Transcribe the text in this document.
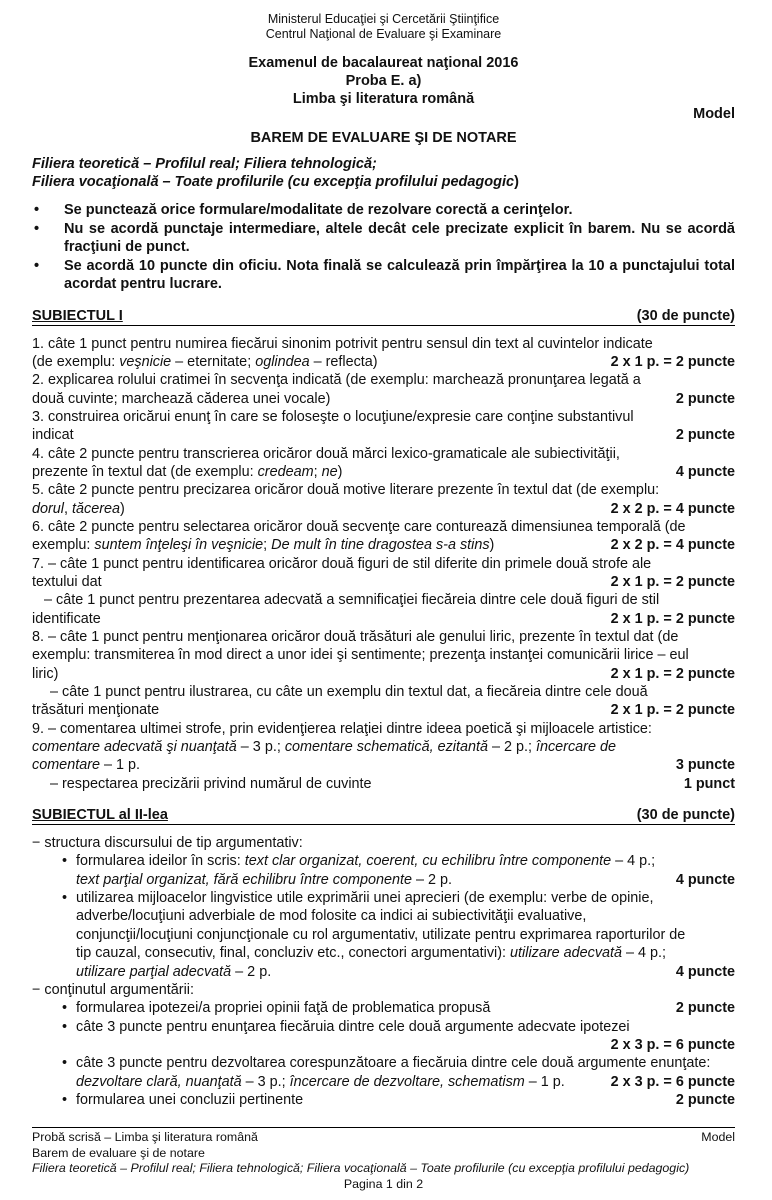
Ministerul Educaţiei şi Cercetării Ştiinţifice
Centrul Naţional de Evaluare şi Examinare
Examenul de bacalaureat naţional 2016
Proba E. a)
Limba şi literatura română
Model
BAREM DE EVALUARE ŞI DE NOTARE
Filiera teoretică – Profilul real; Filiera tehnologică;
Filiera vocaţională – Toate profilurile (cu excepţia profilului pedagogic)
• Se punctează orice formulare/modalitate de rezolvare corectă a cerinţelor.
• Nu se acordă punctaje intermediare, altele decât cele precizate explicit în barem. Nu se acordă fracţiuni de punct.
• Se acordă 10 puncte din oficiu. Nota finală se calculează prin împărţirea la 10 a punctajului total acordat pentru lucrare.
SUBIECTUL I	(30 de puncte)
1. câte 1 punct pentru numirea fiecărui sinonim potrivit pentru sensul din text al cuvintelor indicate
(de exemplu: veşnicie – eternitate; oglindea – reflecta)	2 x 1 p. = 2 puncte
2. explicarea rolului cratimei în secvenţa indicată (de exemplu: marchează pronunţarea legată a
două cuvinte; marchează căderea unei vocale)	2 puncte
3. construirea oricărui enunţ în care se foloseşte o locuţiune/expresie care conţine substantivul
indicat	2 puncte
4. câte 2 puncte pentru transcrierea oricăror două mărci lexico-gramaticale ale subiectivităţii,
prezente în textul dat (de exemplu: credeam; ne)	4 puncte
5. câte 2 puncte pentru precizarea oricăror două motive literare prezente în textul dat (de exemplu:
dorul, tăcerea)	2 x 2 p. = 4 puncte
6. câte 2 puncte pentru selectarea oricăror două secvenţe care conturează dimensiunea temporală (de
exemplu: suntem înţeleşi în veşnicie; De mult în tine dragostea s-a stins)	2 x 2 p. = 4 puncte
7. – câte 1 punct pentru identificarea oricăror două figuri de stil diferite din primele două strofe ale
textului dat	2 x 1 p. = 2 puncte
– câte 1 punct pentru prezentarea adecvată a semnificaţiei fiecăreia dintre cele două figuri de stil
identificate	2 x 1 p. = 2 puncte
8. – câte 1 punct pentru menţionarea oricăror două trăsături ale genului liric, prezente în textul dat (de
exemplu: transmiterea în mod direct a unor idei şi sentimente; prezenţa instanţei comunicării lirice – eul
liric)	2 x 1 p. = 2 puncte
– câte 1 punct pentru ilustrarea, cu câte un exemplu din textul dat, a fiecăreia dintre cele două
trăsături menţionate	2 x 1 p. = 2 puncte
9. – comentarea ultimei strofe, prin evidenţierea relaţiei dintre ideea poetică şi mijloacele artistice:
comentare adecvată şi nuanţată – 3 p.; comentare schematică, ezitantă – 2 p.; încercare de
comentare – 1 p.	3 puncte
– respectarea precizării privind numărul de cuvinte	1 punct
SUBIECTUL al II-lea	(30 de puncte)
− structura discursului de tip argumentativ:
• formularea ideilor în scris: text clar organizat, coerent, cu echilibru între componente – 4 p.;
text parţial organizat, fără echilibru între componente – 2 p.	4 puncte
• utilizarea mijloacelor lingvistice utile exprimării unei aprecieri (de exemplu: verbe de opinie,
adverbe/locuţiuni adverbiale de mod folosite ca indici ai subiectivităţii evaluative,
conjuncţii/locuţiuni conjuncţionale cu rol argumentativ, utilizate pentru exprimarea raporturilor de
tip cauzal, consecutiv, final, concluziv etc., conectori argumentativi): utilizare adecvată – 4 p.;
utilizare parţial adecvată – 2 p.	4 puncte
− conţinutul argumentării:
• formularea ipotezei/a propriei opinii faţă de problematica propusă	2 puncte
• câte 3 puncte pentru enunţarea fiecăruia dintre cele două argumente adecvate ipotezei
2 x 3 p. = 6 puncte
• câte 3 puncte pentru dezvoltarea corespunzătoare a fiecăruia dintre cele două argumente enunţate:
dezvoltare clară, nuanţată – 3 p.; încercare de dezvoltare, schematism – 1 p.	2 x 3 p. = 6 puncte
• formularea unei concluzii pertinente	2 puncte
Probă scrisă – Limba şi literatura română	Model
Barem de evaluare şi de notare
Filiera teoretică – Profilul real; Filiera tehnologică; Filiera vocaţională – Toate profilurile (cu excepţia profilului pedagogic)
Pagina 1 din 2
